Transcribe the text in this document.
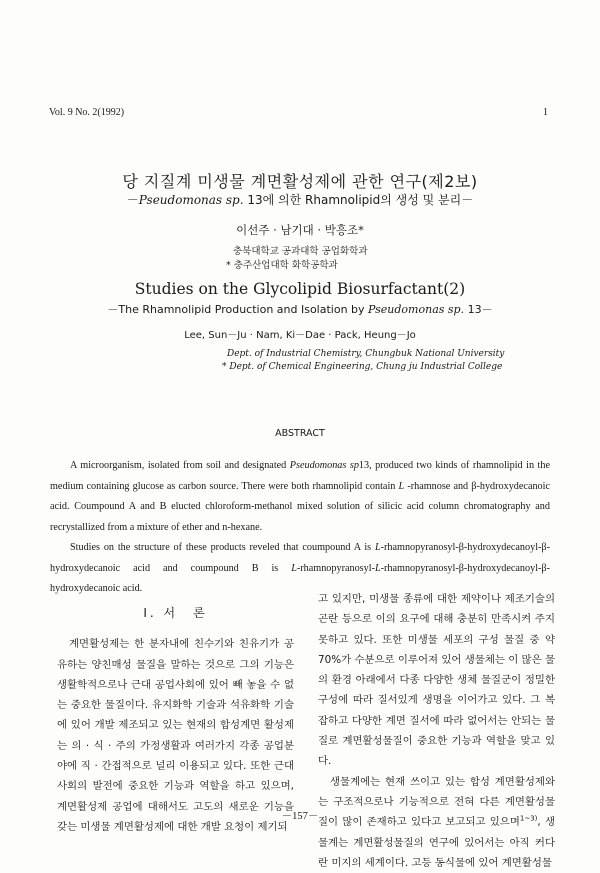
Vol. 9 No. 2(1992)	1
당 지질계 미생물 계면활성제에 관한 연구(제2보)
－Pseudomonas sp. 13에 의한 Rhamnolipid의 생성 및 분리－
이선주 · 남기대 · 박흥조*
충북대학교 공과대학 공업화학과
* 충주산업대학 화학공학과
Studies on the Glycolipid Biosurfactant(2)
－The Rhamnolipid Production and Isolation by Pseudomonas sp. 13－
Lee, Sun－Ju · Nam, Ki－Dae · Pack, Heung－Jo
Dept. of Industrial Chemistry, Chungbuk National University
* Dept. of Chemical Engineering, Chung ju Industrial College
ABSTRACT

A microorganism, isolated from soil and designated Pseudomonas sp13, produced two kinds of rhamnolipid in the medium containing glucose as carbon source. There were both rhamnolipid contain L -rhamnose and β-hydroxydecanoic acid. Coumpound A and B elucted chloroform-methanol mixed solution of silicic acid column chromatography and recrystallized from a mixture of ether and n-hexane.

Studies on the structure of these products reveled that coumpound A is L-rhamnopyranosyl-β-hydroxydecanoyl-β-hydroxydecanoic acid and coumpound B is L-rhamnopyranosyl-L-rhamnopyranosyl-β-hydroxydecanoyl-β-hydroxydecanoic acid.

Ⅰ. 서　론

계면활성제는 한 분자내에 친수기와 친유기가 공유하는 양친매성 물질을 말하는 것으로 그의 기능은 생활학적으로나 근대 공업사회에 있어 빼 놓을 수 없는 중요한 물질이다. 유지화학 기술과 석유화학 기술에 있어 개발 제조되고 있는 현재의 합성계면 활성제는 의 · 식 · 주의 가정생활과 여러가지 각종 공업분야에 직 · 간접적으로 널리 이용되고 있다. 또한 근대 사회의 발전에 중요한 기능과 역할을 하고 있으며, 계면활성제 공업에 대해서도 고도의 새로운 기능을 갖는 미생물 계면활성제에 대한 개발 요청이 제기되

고 있지만, 미생물 종류에 대한 제약이나 제조기술의 곤란 등으로 이의 요구에 대해 충분히 만족시켜 주지 못하고 있다. 또한 미생물 세포의 구성 물질 중 약 70%가 수분으로 이루어져 있어 생물체는 이 많은 물의 환경 아래에서 다종 다양한 생체 물질군이 정밀한 구성에 따라 질서있게 생명을 이어가고 있다. 그 복잡하고 다양한 계면 질서에 따라 없어서는 안되는 물질로 계면활성물질이 중요한 기능과 역할을 맞고 있다.

생물계에는 현재 쓰이고 있는 합성 계면활성제와는 구조적으로나 기능적으로 전혀 다른 계면활성물질이 많이 존재하고 있다고 보고되고 있으며$^{1\sim 3)}$, 생물계는 계면활성물질의 연구에 있어서는 아직 커다란 미지의 세계이다. 고등 동식물에 있어 계면활성물

－157－
